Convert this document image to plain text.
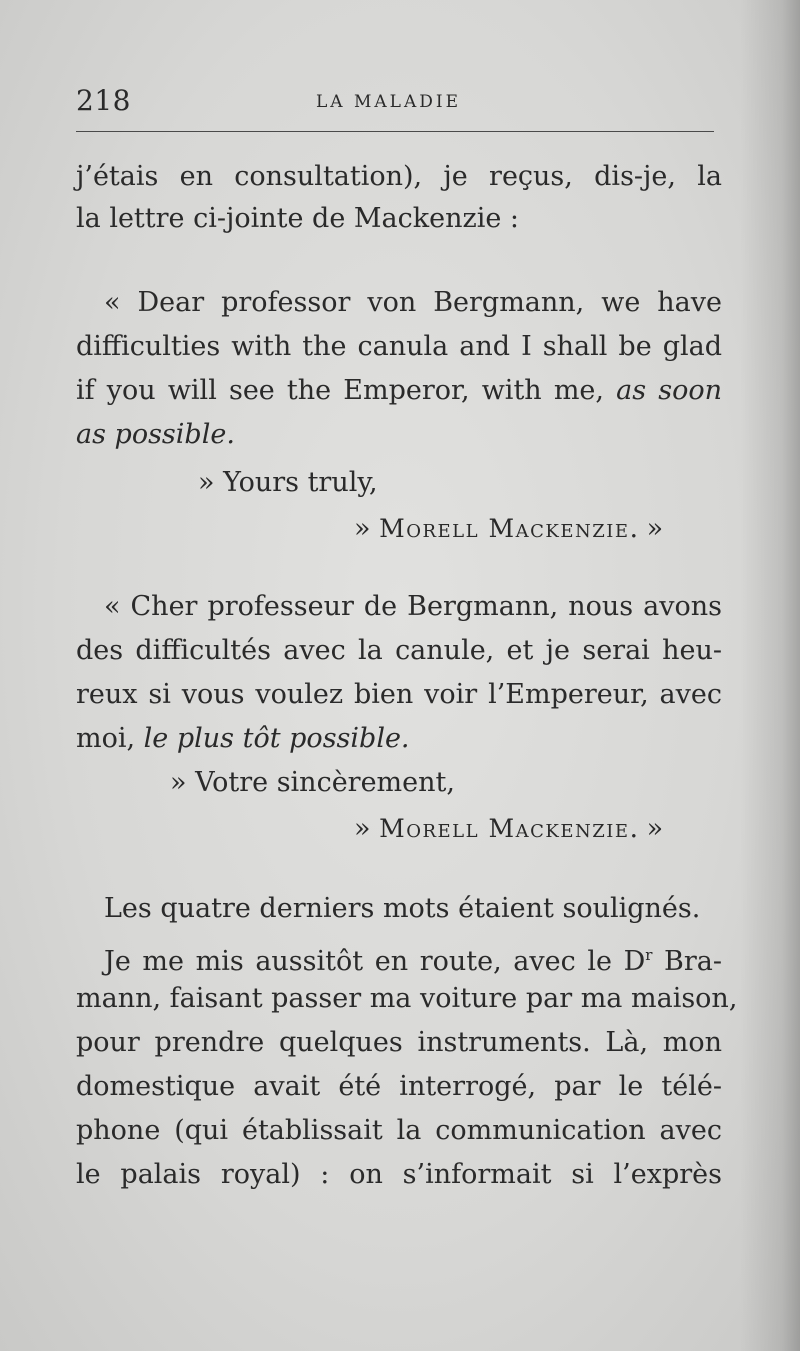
218	LA MALADIE
j’étais en consultation), je reçus, dis-je, la
la lettre ci-jointe de Mackenzie :
« Dear professor von Bergmann, we have
difficulties with the canula and I shall be glad
if you will see the Emperor, with me, as soon
as possible.
» Yours truly,
» Morell Mackenzie. »
« Cher professeur de Bergmann, nous avons
des difficultés avec la canule, et je serai heu-
reux si vous voulez bien voir l’Empereur, avec
moi, le plus tôt possible.
» Votre sincèrement,
» Morell Mackenzie. »
Les quatre derniers mots étaient soulignés.
Je me mis aussitôt en route, avec le $D^r$ Bra-
mann, faisant passer ma voiture par ma maison,
pour prendre quelques instruments. Là, mon
domestique avait été interrogé, par le télé-
phone (qui établissait la communication avec
le palais royal) : on s’informait si l’exprès
